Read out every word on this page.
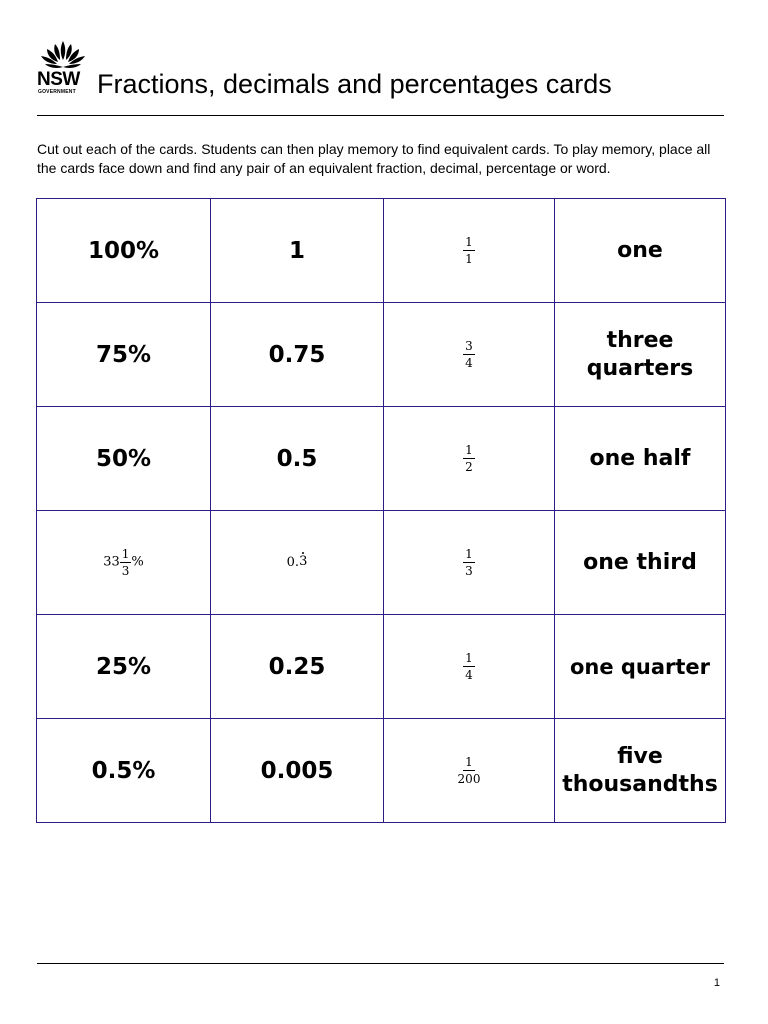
NSW
GOVERNMENT Fractions, decimals and percentages cards

Cut out each of the cards. Students can then play memory to find equivalent cards. To play memory, place all the cards face down and find any pair of an equivalent fraction, decimal, percentage or word.

100%	1	$\frac{1}{1}$	one
75%	0.75	$\frac{3}{4}$	three quarters
50%	0.5	$\frac{1}{2}$	one half
$33 \frac{1}{3}$ %	0.3	$\frac{1}{3}$	one third
25%	0.25	$\frac{1}{4}$	one quarter
0.5%	0.005	$\frac{1}{200}$	five thousandths
1
